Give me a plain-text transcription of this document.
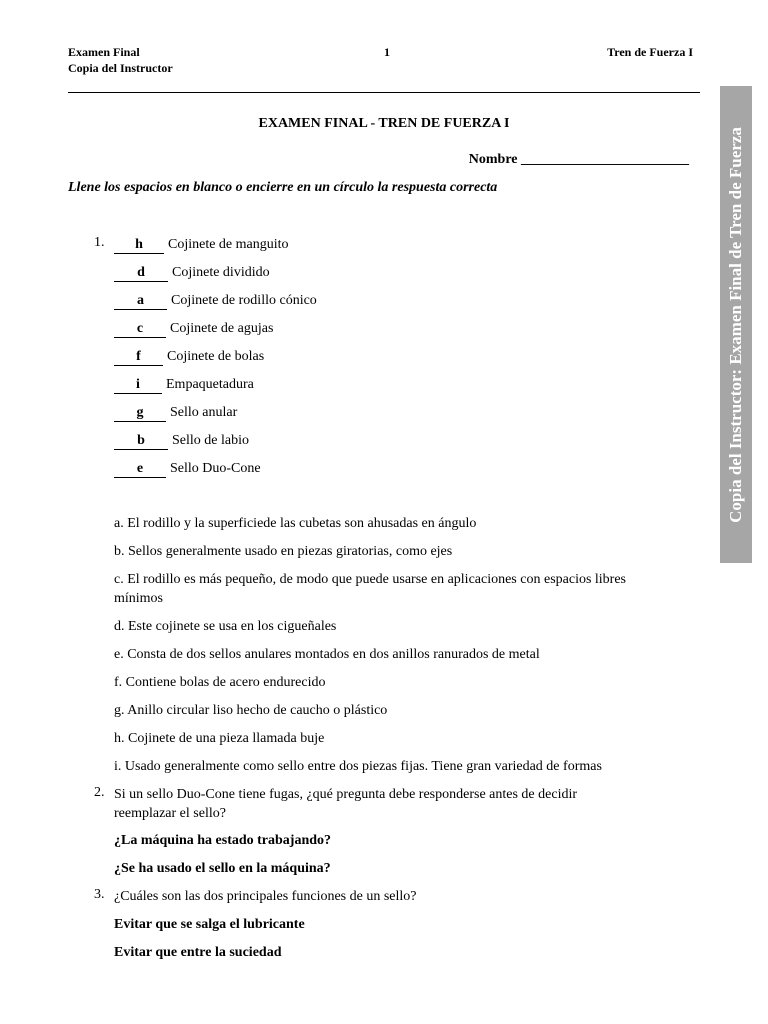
Examen Final
Copia del Instructor
1	Tren de Fuerza I
Copia del Instructor: Examen Final de Tren de Fuerza
EXAMEN FINAL - TREN DE FUERZA I
Nombre ________________________
Llene los espacios en blanco o encierre en un círculo la respuesta correcta
1.	h Cojinete de manguito
d Cojinete dividido
a Cojinete de rodillo cónico
c Cojinete de agujas
f Cojinete de bolas
i Empaquetadura
g Sello anular
b Sello de labio
e Sello Duo-Cone
a. El rodillo y la superficiede las cubetas son ahusadas en ángulo
b. Sellos generalmente usado en piezas giratorias, como ejes
c. El rodillo es más pequeño, de modo que puede usarse en aplicaciones con espacios libres mínimos
d. Este cojinete se usa en los cigueñales
e. Consta de dos sellos anulares montados en dos anillos ranurados de metal
f. Contiene bolas de acero endurecido
g. Anillo circular liso hecho de caucho o plástico
h. Cojinete de una pieza llamada buje
i. Usado generalmente como sello entre dos piezas fijas. Tiene gran variedad de formas
2. Si un sello Duo-Cone tiene fugas, ¿qué pregunta debe responderse antes de decidir reemplazar el sello?
¿La máquina ha estado trabajando?
¿Se ha usado el sello en la máquina?
3. ¿Cuáles son las dos principales funciones de un sello?
Evitar que se salga el lubricante
Evitar que entre la suciedad
